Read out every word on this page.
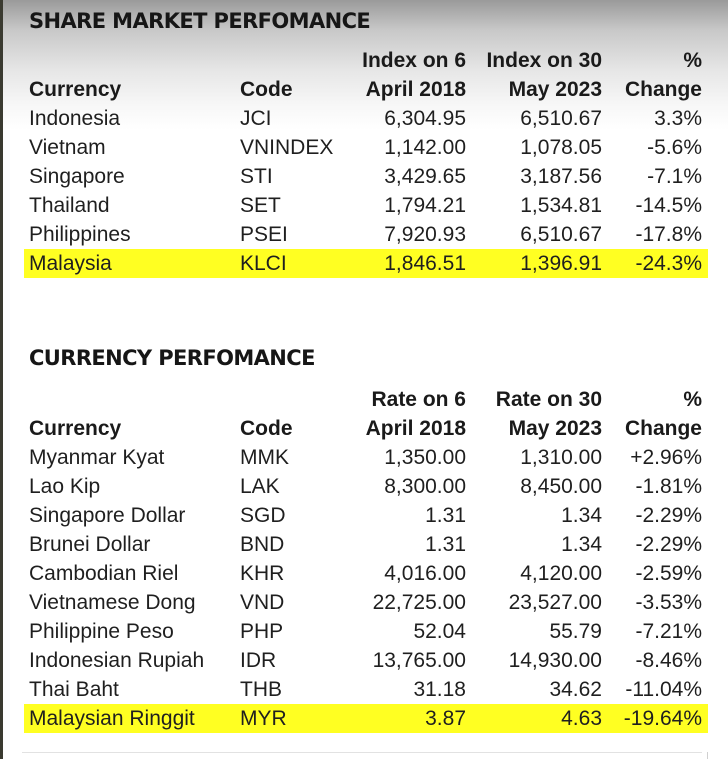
SHARE MARKET PERFOMANCE
Index on 6 Index on 30	%
Currency	Code	April 2018 May 2023 Change
Indonesia	JCI	6,304.95	6,510.67 3.3%
Vietnam	VNINDEX 1,142.00	1,078.05 -5.6%
Singapore	STI	3,429.65	3,187.56 -7.1%
Thailand	SET	1,794.21	1,534.81 -14.5%
Philippines	PSEI	7,920.93	6,510.67 -17.8%
Malaysia	KLCI	1,846.51	1,396.91 -24.3%
CURRENCY PERFOMANCE
Rate on 6 Rate on 30	%
Currency	Code	April 2018 May 2023 Change
Myanmar Kyat	MMK	1,350.00	1,310.00 +2.96%
Lao Kip	LAK	8,300.00	8,450.00 -1.81%
Singapore Dollar	SGD	1.31	1.34 -2.29%
Brunei Dollar	BND	1.31	1.34 -2.29%
Cambodian Riel	KHR	4,016.00	4,120.00 -2.59%
Vietnamese Dong VND	22,725.00 23,527.00 -3.53%
Philippine Peso	PHP	52.04	55.79 -7.21%
Indonesian Rupiah IDR	13,765.00 14,930.00 -8.46%
Thai Baht	THB	31.18	34.62 -11.04%
Malaysian Ringgit MYR	3.87	4.63 -19.64%
